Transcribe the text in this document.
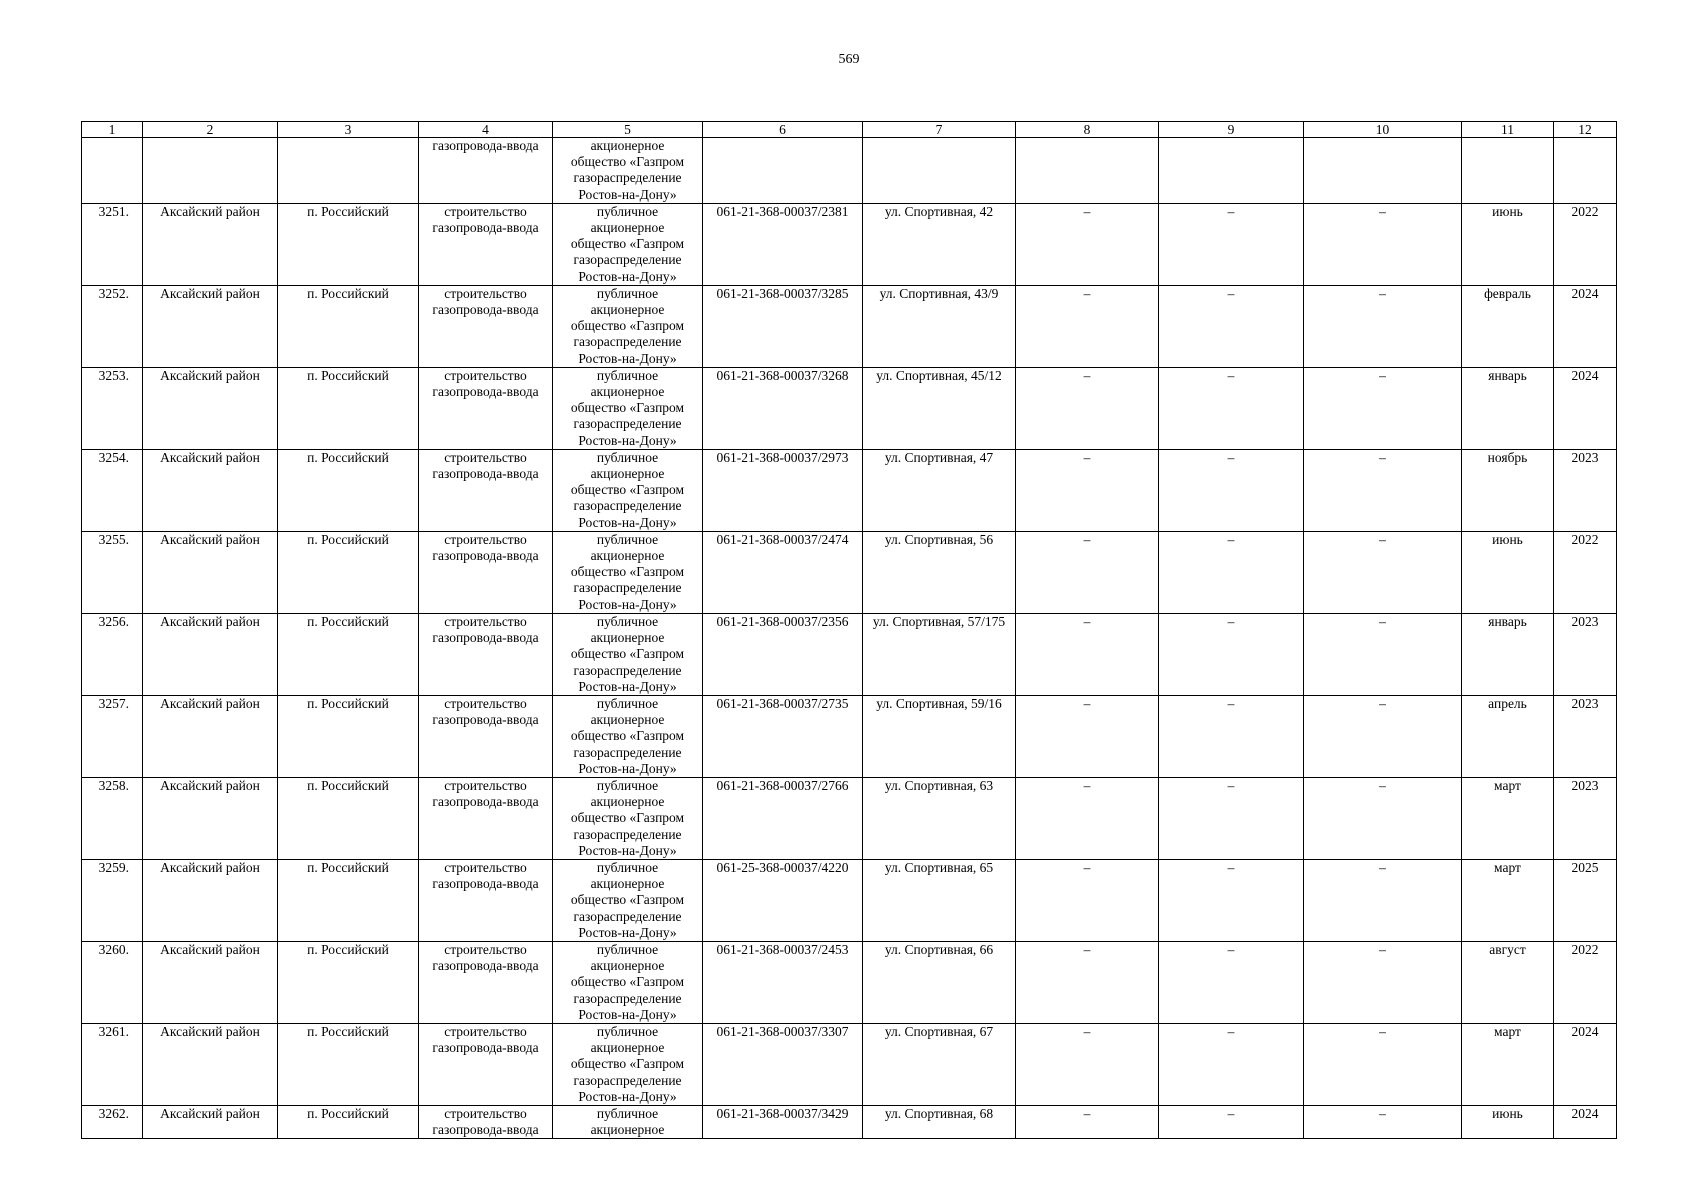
569
1	2	3	4	5	6	7	8	9	10	11	12
			газопровода-ввода	акционерное
общество «Газпром
газораспределение
Ростов-на-Дону»							

3251.	Аксайский район	п. Российский	строительство газопровода-ввода	публичное
акционерное
общество «Газпром
газораспределение
Ростов-на-Дону»	061-21-368-00037/2381	ул. Спортивная, 42	–	–	–	июнь	2022
3252.	Аксайский район	п. Российский	строительство газопровода-ввода	публичное
акционерное
общество «Газпром
газораспределение
Ростов-на-Дону»	061-21-368-00037/3285	ул. Спортивная, 43/9	–	–	–	февраль	2024
3253.	Аксайский район	п. Российский	строительство газопровода-ввода	публичное
акционерное
общество «Газпром
газораспределение
Ростов-на-Дону»	061-21-368-00037/3268	ул. Спортивная, 45/12	–	–	–	январь	2024
3254.	Аксайский район	п. Российский	строительство газопровода-ввода	публичное
акционерное
общество «Газпром
газораспределение
Ростов-на-Дону»	061-21-368-00037/2973	ул. Спортивная, 47	–	–	–	ноябрь	2023
3255.	Аксайский район	п. Российский	строительство газопровода-ввода	публичное
акционерное
общество «Газпром
газораспределение
Ростов-на-Дону»	061-21-368-00037/2474	ул. Спортивная, 56	–	–	–	июнь	2022
3256.	Аксайский район	п. Российский	строительство газопровода-ввода	публичное
акционерное
общество «Газпром
газораспределение
Ростов-на-Дону»	061-21-368-00037/2356	ул. Спортивная, 57/175	–	–	–	январь	2023
3257.	Аксайский район	п. Российский	строительство газопровода-ввода	публичное
акционерное
общество «Газпром
газораспределение
Ростов-на-Дону»	061-21-368-00037/2735	ул. Спортивная, 59/16	–	–	–	апрель	2023
3258.	Аксайский район	п. Российский	строительство газопровода-ввода	публичное
акционерное
общество «Газпром
газораспределение
Ростов-на-Дону»	061-21-368-00037/2766	ул. Спортивная, 63	–	–	–	март	2023
3259.	Аксайский район	п. Российский	строительство газопровода-ввода	публичное
акционерное
общество «Газпром
газораспределение
Ростов-на-Дону»	061-25-368-00037/4220	ул. Спортивная, 65	–	–	–	март	2025
3260.	Аксайский район	п. Российский	строительство газопровода-ввода	публичное
акционерное
общество «Газпром
газораспределение
Ростов-на-Дону»	061-21-368-00037/2453	ул. Спортивная, 66	–	–	–	август	2022
3261.	Аксайский район	п. Российский	строительство газопровода-ввода	публичное
акционерное
общество «Газпром
газораспределение
Ростов-на-Дону»	061-21-368-00037/3307	ул. Спортивная, 67	–	–	–	март	2024
3262.	Аксайский район	п. Российский	строительство газопровода-ввода	публичное
акционерное	061-21-368-00037/3429	ул. Спортивная, 68	–	–	–	июнь	2024
